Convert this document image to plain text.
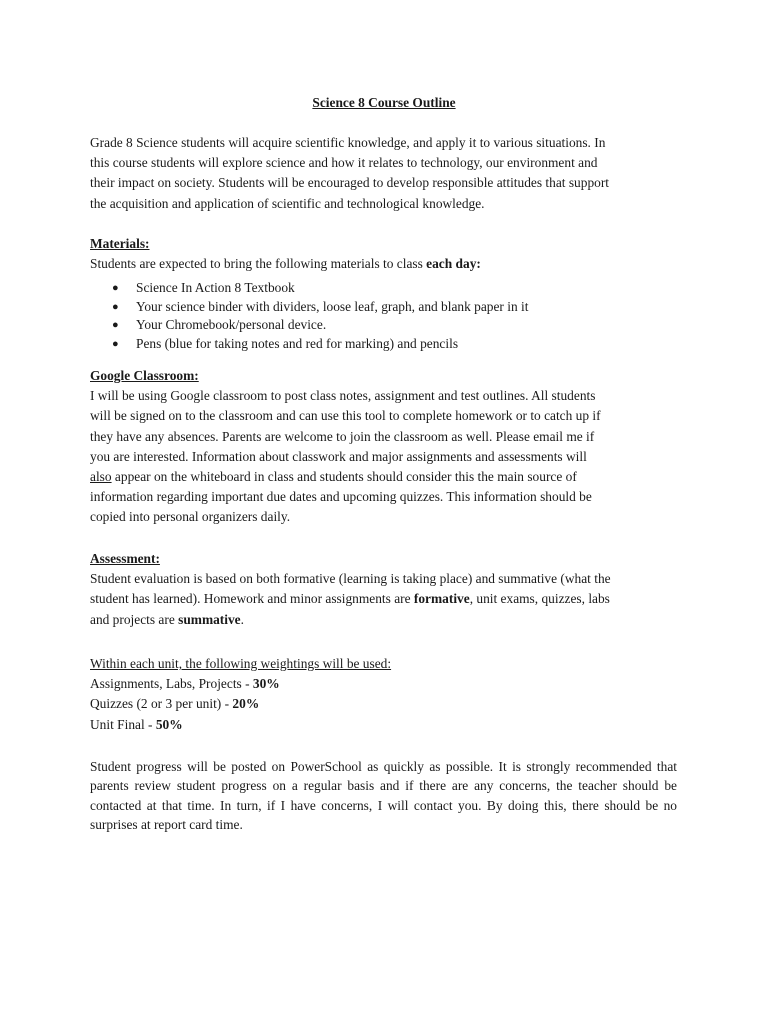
Science 8 Course Outline
Grade 8 Science students will acquire scientific knowledge, and apply it to various situations. In
this course students will explore science and how it relates to technology, our environment and
their impact on society. Students will be encouraged to develop responsible attitudes that support
the acquisition and application of scientific and technological knowledge.
Materials:
Students are expected to bring the following materials to class each day:
● Science In Action 8 Textbook
● Your science binder with dividers, loose leaf, graph, and blank paper in it
● Your Chromebook/personal device.
● Pens (blue for taking notes and red for marking) and pencils
Google Classroom:
I will be using Google classroom to post class notes, assignment and test outlines. All students
will be signed on to the classroom and can use this tool to complete homework or to catch up if
they have any absences. Parents are welcome to join the classroom as well. Please email me if
you are interested. Information about classwork and major assignments and assessments will
also appear on the whiteboard in class and students should consider this the main source of
information regarding important due dates and upcoming quizzes. This information should be
copied into personal organizers daily.
Assessment:
Student evaluation is based on both formative (learning is taking place) and summative (what the
student has learned). Homework and minor assignments are formative, unit exams, quizzes, labs
and projects are summative.
Within each unit, the following weightings will be used:
Assignments, Labs, Projects - 30%
Quizzes (2 or 3 per unit) - 20%
Unit Final - 50%

Student progress will be posted on PowerSchool as quickly as possible. It is strongly recommended that parents review student progress on a regular basis and if there are any concerns, the teacher should be contacted at that time. In turn, if I have concerns, I will contact you. By doing this, there should be no surprises at report card time.
